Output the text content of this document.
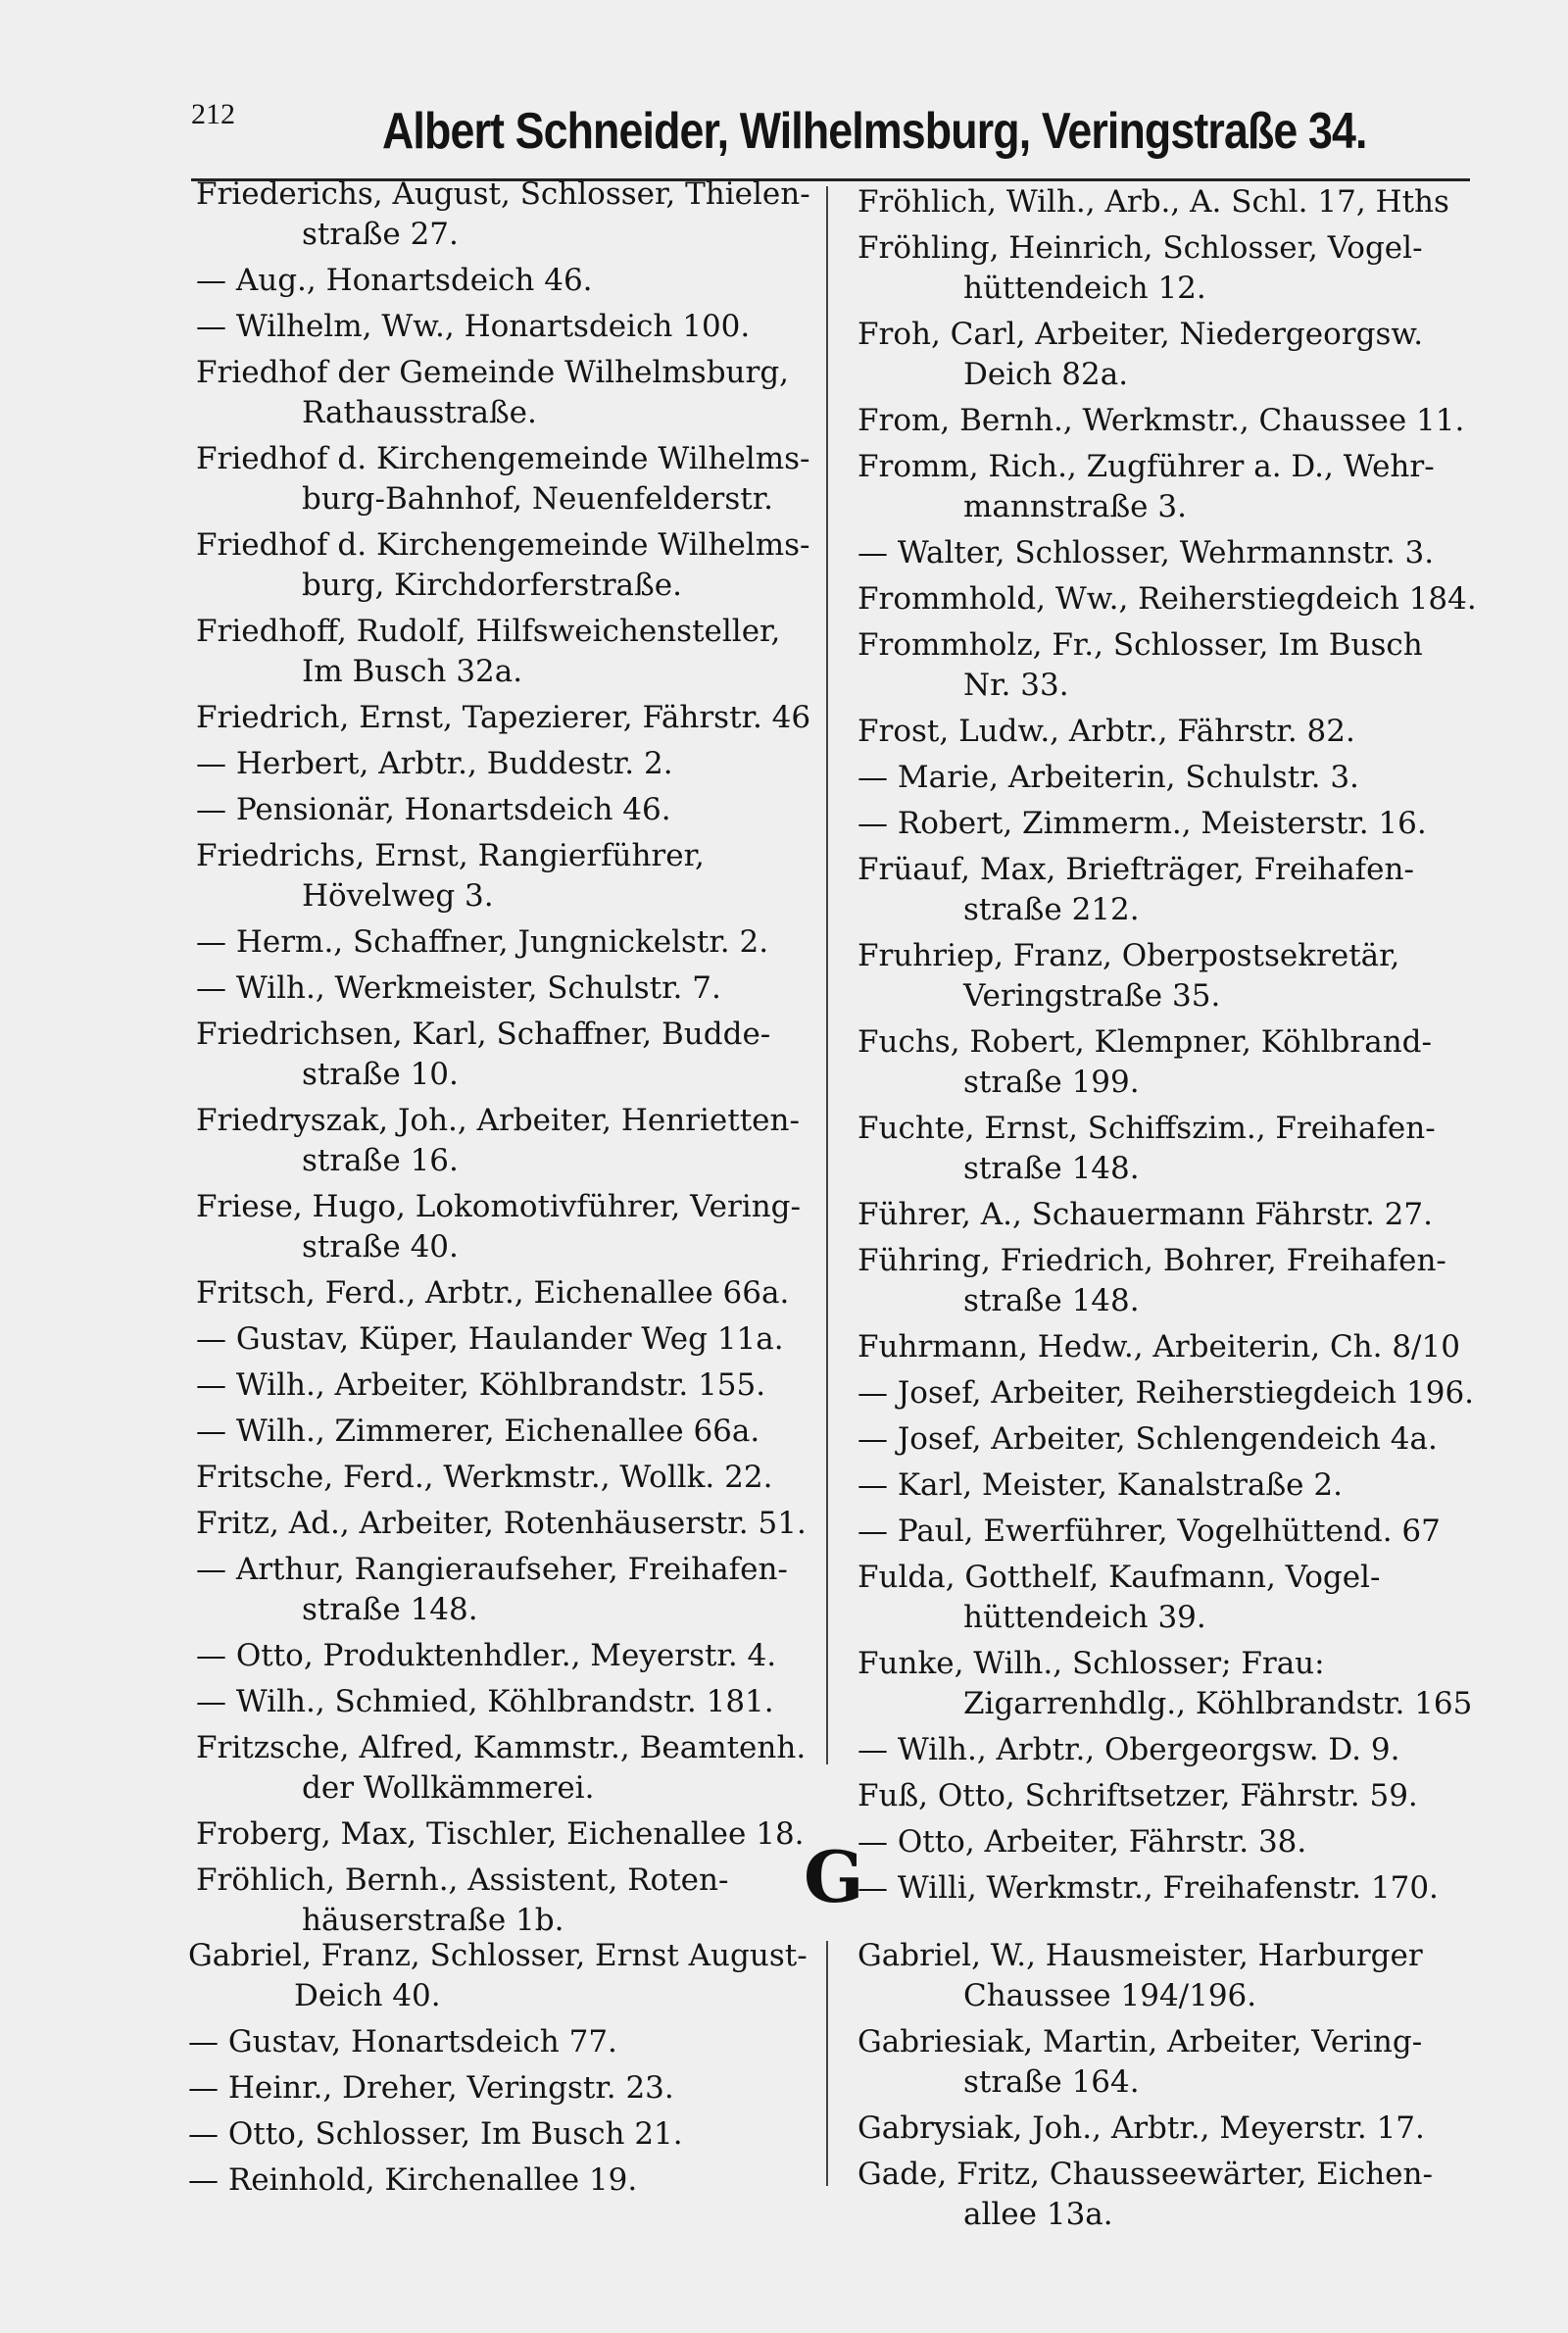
212	Albert Schneider, Wilhelmsburg, Veringstraße 34.
Friederichs, August, Schlosser, Thielen-
straße 27.
— Aug., Honartsdeich 46.
— Wilhelm, Ww., Honartsdeich 100.
Friedhof der Gemeinde Wilhelmsburg,
Rathausstraße.
Friedhof d. Kirchengemeinde Wilhelms-
burg-Bahnhof, Neuenfelderstr.
Friedhof d. Kirchengemeinde Wilhelms-
burg, Kirchdorferstraße.
Friedhoff, Rudolf, Hilfsweichensteller,
Im Busch 32a.
Friedrich, Ernst, Tapezierer, Fährstr. 46
— Herbert, Arbtr., Buddestr. 2.
— Pensionär, Honartsdeich 46.
Friedrichs, Ernst, Rangierführer,
Hövelweg 3.
— Herm., Schaffner, Jungnickelstr. 2.
— Wilh., Werkmeister, Schulstr. 7.
Friedrichsen, Karl, Schaffner, Budde-
straße 10.
Friedryszak, Joh., Arbeiter, Henrietten-
straße 16.
Friese, Hugo, Lokomotivführer, Vering-
straße 40.
Fritsch, Ferd., Arbtr., Eichenallee 66a.
— Gustav, Küper, Haulander Weg 11a.
— Wilh., Arbeiter, Köhlbrandstr. 155.
— Wilh., Zimmerer, Eichenallee 66a.
Fritsche, Ferd., Werkmstr., Wollk. 22.
Fritz, Ad., Arbeiter, Rotenhäuserstr. 51.
— Arthur, Rangieraufseher, Freihafen-
straße 148.
— Otto, Produktenhdler., Meyerstr. 4.
— Wilh., Schmied, Köhlbrandstr. 181.
Fritzsche, Alfred, Kammstr., Beamtenh.
der Wollkämmerei.
Froberg, Max, Tischler, Eichenallee 18.
Fröhlich, Bernh., Assistent, Roten-
häuserstraße 1b.
Fröhlich, Wilh., Arb., A. Schl. 17, Hths
Fröhling, Heinrich, Schlosser, Vogel-
hüttendeich 12.
Froh, Carl, Arbeiter, Niedergeorgsw.
Deich 82a.
From, Bernh., Werkmstr., Chaussee 11.
Fromm, Rich., Zugführer a. D., Wehr-
mannstraße 3.
— Walter, Schlosser, Wehrmannstr. 3.
Frommhold, Ww., Reiherstiegdeich 184.
Frommholz, Fr., Schlosser, Im Busch
Nr. 33.
Frost, Ludw., Arbtr., Fährstr. 82.
— Marie, Arbeiterin, Schulstr. 3.
— Robert, Zimmerm., Meisterstr. 16.
Früauf, Max, Briefträger, Freihafen-
straße 212.
Fruhriep, Franz, Oberpostsekretär,
Veringstraße 35.
Fuchs, Robert, Klempner, Köhlbrand-
straße 199.
Fuchte, Ernst, Schiffszim., Freihafen-
straße 148.
Führer, A., Schauermann Fährstr. 27.
Führing, Friedrich, Bohrer, Freihafen-
straße 148.
Fuhrmann, Hedw., Arbeiterin, Ch. 8/10
— Josef, Arbeiter, Reiherstiegdeich 196.
— Josef, Arbeiter, Schlengendeich 4a.
— Karl, Meister, Kanalstraße 2.
— Paul, Ewerführer, Vogelhüttend. 67
Fulda, Gotthelf, Kaufmann, Vogel-
hüttendeich 39.
Funke, Wilh., Schlosser; Frau:
Zigarrenhdlg., Köhlbrandstr. 165
— Wilh., Arbtr., Obergeorgsw. D. 9.
Fuß, Otto, Schriftsetzer, Fährstr. 59.
— Otto, Arbeiter, Fährstr. 38.
— Willi, Werkmstr., Freihafenstr. 170.
G
Gabriel, Franz, Schlosser, Ernst August-
Deich 40.
— Gustav, Honartsdeich 77.
— Heinr., Dreher, Veringstr. 23.
— Otto, Schlosser, Im Busch 21.
— Reinhold, Kirchenallee 19.
Gabriel, W., Hausmeister, Harburger
Chaussee 194/196.
Gabriesiak, Martin, Arbeiter, Vering-
straße 164.
Gabrysiak, Joh., Arbtr., Meyerstr. 17.
Gade, Fritz, Chausseewärter, Eichen-
allee 13a.
